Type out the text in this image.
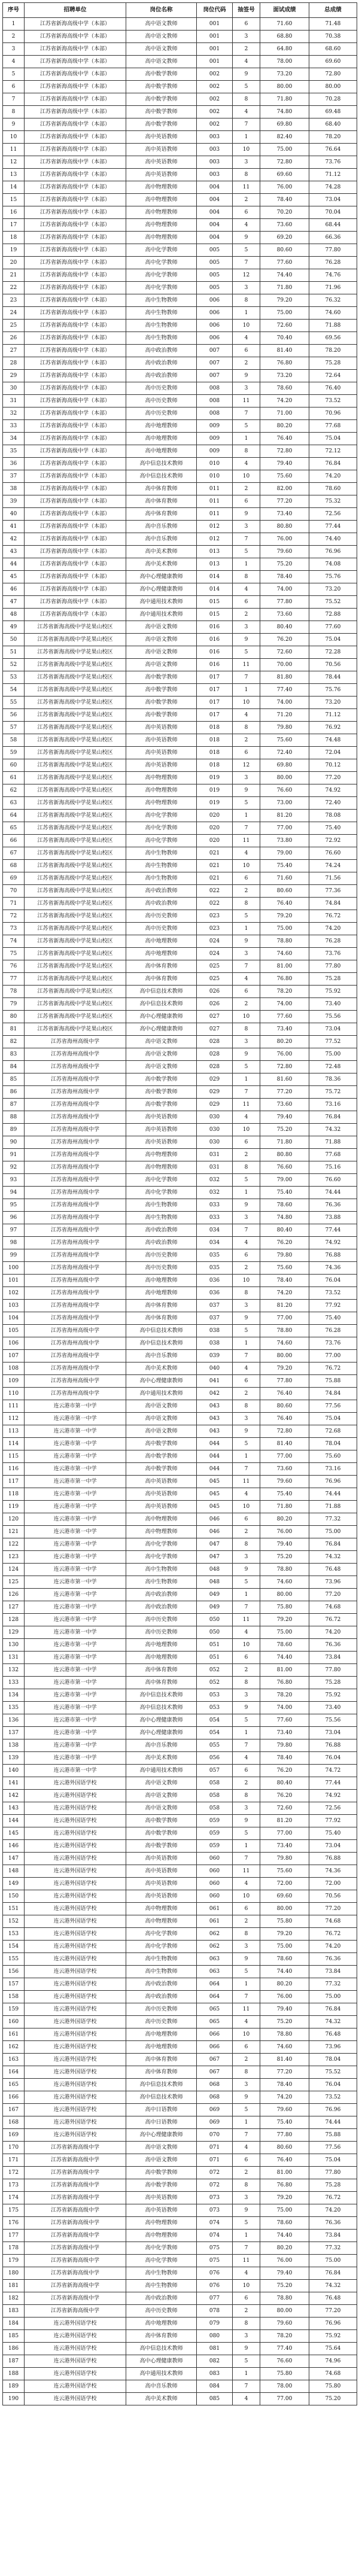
序号	招聘单位	岗位名称	岗位代码	抽签号	面试成绩	总成绩
1	江苏省新海高级中学（本部）	高中语文教师	001	6	71.60	71.48
2	江苏省新海高级中学（本部）	高中语文教师	001	3	68.80	70.38
3	江苏省新海高级中学（本部）	高中语文教师	001	2	64.80	68.60
4	江苏省新海高级中学（本部）	高中语文教师	001	4	78.00	69.60
5	江苏省新海高级中学（本部）	高中数学教师	002	9	73.20	72.80
6	江苏省新海高级中学（本部）	高中数学教师	002	5	80.00	80.00
7	江苏省新海高级中学（本部）	高中数学教师	002	8	71.80	70.28
8	江苏省新海高级中学（本部）	高中数学教师	002	4	74.80	69.48
9	江苏省新海高级中学（本部）	高中数学教师	002	7	69.80	68.40
10	江苏省新海高级中学（本部）	高中英语教师	003	1	82.40	78.20
11	江苏省新海高级中学（本部）	高中英语教师	003	10	75.00	76.64
12	江苏省新海高级中学（本部）	高中英语教师	003	3	72.80	73.76
13	江苏省新海高级中学（本部）	高中英语教师	003	8	69.60	71.12
14	江苏省新海高级中学（本部）	高中物理教师	004	11	76.00	74.28
15	江苏省新海高级中学（本部）	高中物理教师	004	2	78.40	73.04
16	江苏省新海高级中学（本部）	高中物理教师	004	6	70.20	70.04
17	江苏省新海高级中学（本部）	高中物理教师	004	4	73.60	68.44
18	江苏省新海高级中学（本部）	高中物理教师	004	9	69.20	66.36
19	江苏省新海高级中学（本部）	高中化学教师	005	5	80.60	77.80
20	江苏省新海高级中学（本部）	高中化学教师	005	7	77.60	76.28
21	江苏省新海高级中学（本部）	高中化学教师	005	12	74.40	74.76
22	江苏省新海高级中学（本部）	高中化学教师	005	3	71.80	71.96
23	江苏省新海高级中学（本部）	高中生物教师	006	8	79.20	76.32
24	江苏省新海高级中学（本部）	高中生物教师	006	1	75.00	74.60
25	江苏省新海高级中学（本部）	高中生物教师	006	10	72.60	71.88
26	江苏省新海高级中学（本部）	高中生物教师	006	4	70.40	69.56
27	江苏省新海高级中学（本部）	高中政治教师	007	6	81.40	78.20
28	江苏省新海高级中学（本部）	高中政治教师	007	2	76.80	75.28
29	江苏省新海高级中学（本部）	高中政治教师	007	9	73.20	72.64
30	江苏省新海高级中学（本部）	高中历史教师	008	3	78.60	76.40
31	江苏省新海高级中学（本部）	高中历史教师	008	11	74.20	73.52
32	江苏省新海高级中学（本部）	高中历史教师	008	7	71.00	70.96
33	江苏省新海高级中学（本部）	高中地理教师	009	5	80.20	77.68
34	江苏省新海高级中学（本部）	高中地理教师	009	1	76.40	75.04
35	江苏省新海高级中学（本部）	高中地理教师	009	8	72.80	72.12
36	江苏省新海高级中学（本部）	高中信息技术教师	010	4	79.40	76.84
37	江苏省新海高级中学（本部）	高中信息技术教师	010	10	75.60	74.20
38	江苏省新海高级中学（本部）	高中体育教师	011	2	82.00	78.60
39	江苏省新海高级中学（本部）	高中体育教师	011	6	77.20	75.32
40	江苏省新海高级中学（本部）	高中体育教师	011	9	73.40	72.56
41	江苏省新海高级中学（本部）	高中音乐教师	012	3	80.80	77.44
42	江苏省新海高级中学（本部）	高中音乐教师	012	7	76.00	74.40
43	江苏省新海高级中学（本部）	高中美术教师	013	5	79.60	76.96
44	江苏省新海高级中学（本部）	高中美术教师	013	1	75.20	74.08
45	江苏省新海高级中学（本部）	高中心理健康教师	014	8	78.40	75.76
46	江苏省新海高级中学（本部）	高中心理健康教师	014	4	74.00	73.20
47	江苏省新海高级中学（本部）	高中通用技术教师	015	6	77.80	75.52
48	江苏省新海高级中学（本部）	高中通用技术教师	015	2	73.60	72.88
49	江苏省新海高级中学花果山校区	高中语文教师	016	3	80.40	77.60
50	江苏省新海高级中学花果山校区	高中语文教师	016	9	76.20	75.04
51	江苏省新海高级中学花果山校区	高中语文教师	016	5	72.60	72.28
52	江苏省新海高级中学花果山校区	高中语文教师	016	11	70.00	70.56
53	江苏省新海高级中学花果山校区	高中数学教师	017	7	81.80	78.44
54	江苏省新海高级中学花果山校区	高中数学教师	017	1	77.40	75.76
55	江苏省新海高级中学花果山校区	高中数学教师	017	10	74.00	73.20
56	江苏省新海高级中学花果山校区	高中数学教师	017	4	71.20	71.12
57	江苏省新海高级中学花果山校区	高中英语教师	018	8	79.80	76.92
58	江苏省新海高级中学花果山校区	高中英语教师	018	2	75.60	74.48
59	江苏省新海高级中学花果山校区	高中英语教师	018	6	72.40	72.04
60	江苏省新海高级中学花果山校区	高中英语教师	018	12	69.80	70.12
61	江苏省新海高级中学花果山校区	高中物理教师	019	3	80.00	77.20
62	江苏省新海高级中学花果山校区	高中物理教师	019	9	76.60	74.92
63	江苏省新海高级中学花果山校区	高中物理教师	019	5	73.00	72.40
64	江苏省新海高级中学花果山校区	高中化学教师	020	1	81.20	78.08
65	江苏省新海高级中学花果山校区	高中化学教师	020	7	77.00	75.40
66	江苏省新海高级中学花果山校区	高中化学教师	020	11	73.80	72.92
67	江苏省新海高级中学花果山校区	高中生物教师	021	4	79.00	76.60
68	江苏省新海高级中学花果山校区	高中生物教师	021	10	75.40	74.24
69	江苏省新海高级中学花果山校区	高中生物教师	021	6	71.60	71.56
70	江苏省新海高级中学花果山校区	高中政治教师	022	2	80.60	77.36
71	江苏省新海高级中学花果山校区	高中政治教师	022	8	76.40	74.84
72	江苏省新海高级中学花果山校区	高中历史教师	023	5	79.20	76.72
73	江苏省新海高级中学花果山校区	高中历史教师	023	1	75.00	74.20
74	江苏省新海高级中学花果山校区	高中地理教师	024	9	78.80	76.28
75	江苏省新海高级中学花果山校区	高中地理教师	024	3	74.60	73.76
76	江苏省新海高级中学花果山校区	高中体育教师	025	7	81.00	77.80
77	江苏省新海高级中学花果山校区	高中体育教师	025	4	76.80	75.28
78	江苏省新海高级中学花果山校区	高中信息技术教师	026	6	78.20	75.92
79	江苏省新海高级中学花果山校区	高中信息技术教师	026	2	74.00	73.40
80	江苏省新海高级中学花果山校区	高中心理健康教师	027	10	77.60	75.56
81	江苏省新海高级中学花果山校区	高中心理健康教师	027	8	73.40	73.04
82	江苏省海州高级中学	高中语文教师	028	3	80.20	77.52
83	江苏省海州高级中学	高中语文教师	028	9	76.00	75.00
84	江苏省海州高级中学	高中语文教师	028	5	72.80	72.48
85	江苏省海州高级中学	高中数学教师	029	1	81.60	78.36
86	江苏省海州高级中学	高中数学教师	029	7	77.20	75.72
87	江苏省海州高级中学	高中数学教师	029	11	73.60	73.16
88	江苏省海州高级中学	高中英语教师	030	4	79.40	76.84
89	江苏省海州高级中学	高中英语教师	030	10	75.20	74.32
90	江苏省海州高级中学	高中英语教师	030	6	71.80	71.88
91	江苏省海州高级中学	高中物理教师	031	2	80.80	77.68
92	江苏省海州高级中学	高中物理教师	031	8	76.60	75.16
93	江苏省海州高级中学	高中化学教师	032	5	79.00	76.60
94	江苏省海州高级中学	高中化学教师	032	1	75.40	74.44
95	江苏省海州高级中学	高中生物教师	033	9	78.60	76.36
96	江苏省海州高级中学	高中生物教师	033	3	74.80	73.88
97	江苏省海州高级中学	高中政治教师	034	7	80.40	77.44
98	江苏省海州高级中学	高中政治教师	034	4	76.20	74.92
99	江苏省海州高级中学	高中历史教师	035	6	79.80	76.88
100	江苏省海州高级中学	高中历史教师	035	2	75.60	74.36
101	江苏省海州高级中学	高中地理教师	036	10	78.40	76.04
102	江苏省海州高级中学	高中地理教师	036	8	74.20	73.52
103	江苏省海州高级中学	高中体育教师	037	3	81.20	77.92
104	江苏省海州高级中学	高中体育教师	037	9	77.00	75.40
105	江苏省海州高级中学	高中信息技术教师	038	5	78.80	76.28
106	江苏省海州高级中学	高中信息技术教师	038	1	74.60	73.76
107	江苏省海州高级中学	高中音乐教师	039	7	80.00	77.00
108	江苏省海州高级中学	高中美术教师	040	4	79.20	76.72
109	江苏省海州高级中学	高中心理健康教师	041	6	77.80	75.88
110	江苏省海州高级中学	高中通用技术教师	042	2	76.40	74.84
111	连云港市第一中学	高中语文教师	043	8	80.60	77.56
112	连云港市第一中学	高中语文教师	043	3	76.40	75.04
113	连云港市第一中学	高中语文教师	043	9	72.80	72.68
114	连云港市第一中学	高中数学教师	044	5	81.40	78.04
115	连云港市第一中学	高中数学教师	044	1	77.00	75.60
116	连云港市第一中学	高中数学教师	044	7	73.60	73.16
117	连云港市第一中学	高中英语教师	045	11	79.60	76.96
118	连云港市第一中学	高中英语教师	045	4	75.40	74.44
119	连云港市第一中学	高中英语教师	045	10	71.80	71.88
120	连云港市第一中学	高中物理教师	046	6	80.20	77.32
121	连云港市第一中学	高中物理教师	046	2	76.00	75.00
122	连云港市第一中学	高中化学教师	047	8	79.40	76.84
123	连云港市第一中学	高中化学教师	047	3	75.20	74.32
124	连云港市第一中学	高中生物教师	048	9	78.80	76.48
125	连云港市第一中学	高中生物教师	048	5	74.60	73.96
126	连云港市第一中学	高中政治教师	049	1	80.00	77.20
127	连云港市第一中学	高中政治教师	049	7	75.80	74.68
128	连云港市第一中学	高中历史教师	050	11	79.20	76.72
129	连云港市第一中学	高中历史教师	050	4	75.00	74.20
130	连云港市第一中学	高中地理教师	051	10	78.60	76.36
131	连云港市第一中学	高中地理教师	051	6	74.40	73.84
132	连云港市第一中学	高中体育教师	052	2	81.00	77.80
133	连云港市第一中学	高中体育教师	052	8	76.80	75.28
134	连云港市第一中学	高中信息技术教师	053	3	78.20	75.92
135	连云港市第一中学	高中信息技术教师	053	9	74.00	73.40
136	连云港市第一中学	高中心理健康教师	054	5	77.60	75.56
137	连云港市第一中学	高中心理健康教师	054	1	73.40	73.04
138	连云港市第一中学	高中音乐教师	055	7	79.80	76.88
139	连云港市第一中学	高中美术教师	056	4	78.40	76.04
140	连云港市第一中学	高中通用技术教师	057	6	76.20	74.72
141	连云港外国语学校	高中语文教师	058	2	80.40	77.44
142	连云港外国语学校	高中语文教师	058	8	76.20	74.92
143	连云港外国语学校	高中语文教师	058	3	72.60	72.56
144	连云港外国语学校	高中数学教师	059	9	81.20	77.92
145	连云港外国语学校	高中数学教师	059	5	77.00	75.40
146	连云港外国语学校	高中数学教师	059	1	73.40	73.04
147	连云港外国语学校	高中英语教师	060	7	79.80	76.88
148	连云港外国语学校	高中英语教师	060	11	75.60	74.36
149	连云港外国语学校	高中英语教师	060	4	72.00	72.00
150	连云港外国语学校	高中英语教师	060	10	69.60	70.56
151	连云港外国语学校	高中物理教师	061	6	80.00	77.20
152	连云港外国语学校	高中物理教师	061	2	75.80	74.68
153	连云港外国语学校	高中化学教师	062	8	79.20	76.72
154	连云港外国语学校	高中化学教师	062	3	75.00	74.20
155	连云港外国语学校	高中生物教师	063	9	78.60	76.36
156	连云港外国语学校	高中生物教师	063	5	74.40	73.84
157	连云港外国语学校	高中政治教师	064	1	80.20	77.32
158	连云港外国语学校	高中政治教师	064	7	76.00	75.00
159	连云港外国语学校	高中历史教师	065	11	79.40	76.84
160	连云港外国语学校	高中历史教师	065	4	75.20	74.32
161	连云港外国语学校	高中地理教师	066	10	78.80	76.48
162	连云港外国语学校	高中地理教师	066	6	74.60	73.96
163	连云港外国语学校	高中体育教师	067	2	81.40	78.04
164	连云港外国语学校	高中体育教师	067	8	77.20	75.52
165	连云港外国语学校	高中信息技术教师	068	3	78.40	76.04
166	连云港外国语学校	高中信息技术教师	068	9	74.20	73.52
167	连云港外国语学校	高中日语教师	069	5	79.60	76.96
168	连云港外国语学校	高中日语教师	069	1	75.40	74.44
169	连云港外国语学校	高中心理健康教师	070	7	77.80	75.88
170	江苏省新海高级中学	高中语文教师	071	4	80.60	77.56
171	江苏省新海高级中学	高中语文教师	071	6	76.40	75.04
172	江苏省新海高级中学	高中数学教师	072	2	81.00	77.80
173	江苏省新海高级中学	高中数学教师	072	8	76.80	75.28
174	江苏省新海高级中学	高中英语教师	073	3	79.20	76.72
175	江苏省新海高级中学	高中英语教师	073	9	75.00	74.20
176	江苏省新海高级中学	高中物理教师	074	5	78.60	76.36
177	江苏省新海高级中学	高中物理教师	074	1	74.40	73.84
178	江苏省新海高级中学	高中化学教师	075	7	80.20	77.32
179	江苏省新海高级中学	高中化学教师	075	11	76.00	75.00
180	江苏省新海高级中学	高中生物教师	076	4	79.40	76.84
181	江苏省新海高级中学	高中生物教师	076	10	75.20	74.32
182	江苏省新海高级中学	高中政治教师	077	6	78.80	76.48
183	江苏省新海高级中学	高中历史教师	078	2	80.00	77.20
184	连云港外国语学校	高中地理教师	079	8	79.60	76.96
185	连云港外国语学校	高中体育教师	080	3	78.20	75.92
186	连云港外国语学校	高中信息技术教师	081	9	77.40	75.64
187	连云港外国语学校	高中心理健康教师	082	5	76.60	74.96
188	连云港外国语学校	高中通用技术教师	083	1	75.80	74.68
189	连云港外国语学校	高中音乐教师	084	7	78.00	75.80
190	连云港外国语学校	高中美术教师	085	4	77.00	75.20
